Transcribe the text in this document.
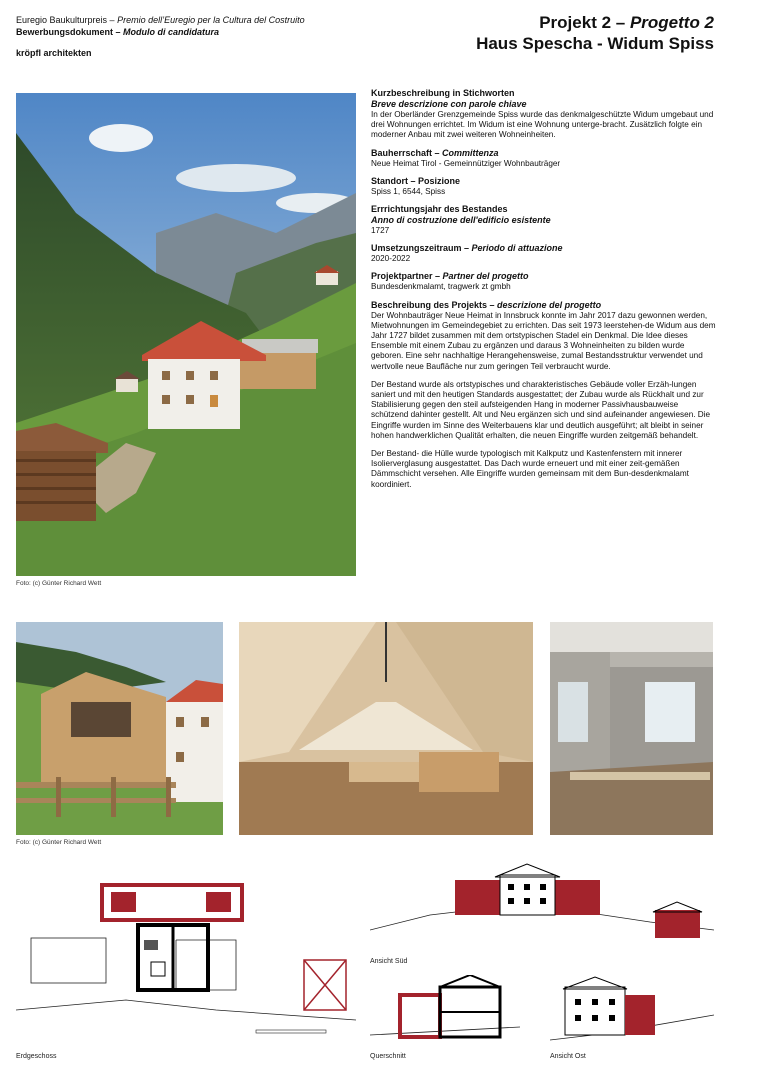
Euregio Baukulturpreis – Premio dell’Euregio per la Cultura del Costruito
Bewerbungsdokument – Modulo di candidatura
kröpfl architekten
Projekt 2 – Progetto 2
Haus Spescha - Widum Spiss
Foto: (c) Günter Richard Wett
Kurzbeschreibung in Stichworten
Breve descrizione con parole chiave
In der Oberländer Grenzgemeinde Spiss wurde das denkmalgeschützte Widum umgebaut und drei Wohnungen errichtet. Im Widum ist eine Wohnung unterge-bracht. Zusätzlich folgte ein moderner Anbau mit zwei weiteren Wohneinheiten.
Bauherrschaft – Committenza
Neue Heimat Tirol - Gemeinnütziger Wohnbauträger
Standort – Posizione
Spiss 1, 6544, Spiss
Errrichtungsjahr des Bestandes
Anno di costruzione dell'edificio esistente
1727
Umsetzungszeitraum – Periodo di attuazione
2020-2022
Projektpartner – Partner del progetto
Bundesdenkmalamt, tragwerk zt gmbh
Beschreibung des Projekts – descrizione del progetto

Der Wohnbauträger Neue Heimat in Innsbruck konnte im Jahr 2017 dazu gewonnen werden, Mietwohnungen im Gemeindegebiet zu errichten. Das seit 1973 leerstehen-de Widum aus dem Jahr 1727 bildet zusammen mit dem ortstypischen Stadel ein Denkmal. Die Idee dieses Ensemble mit einem Zubau zu ergänzen und daraus 3 Wohneinheiten zu bilden wurde geboren. Eine sehr nachhaltige Herangehensweise, zumal Bestandsstruktur verwendet und wertvolle neue Baufläche nur zum geringen Teil verbraucht wurde.

Der Bestand wurde als ortstypisches und charakteristisches Gebäude voller Erzäh-lungen saniert und mit den heutigen Standards ausgestattet; der Zubau wurde als Rückhalt und zur Stabilisierung gegen den steil aufsteigenden Hang in moderner Passivhausbauweise schützend dahinter gestellt. Alt und Neu ergänzen sich und sind aufeinander angewiesen. Die Eingriffe wurden im Sinne des Weiterbauens klar und deutlich ausgeführt; alt bleibt in seiner hohen handwerklichen Qualität erhalten, die neuen Eingriffe wurden zeitgemäß behandelt.

Der Bestand- die Hülle wurde typologisch mit Kalkputz und Kastenfenstern mit innerer Isolierverglasung ausgestattet. Das Dach wurde erneuert und mit einer zeit-gemäßen Dämmschicht versehen. Alle Eingriffe wurden gemeinsam mit dem Bun-desdenkmalamt koordiniert.

Foto: (c) Günter Richard Wett
Erdgeschoss
Ansicht Süd
Querschnitt	Ansicht Ost
